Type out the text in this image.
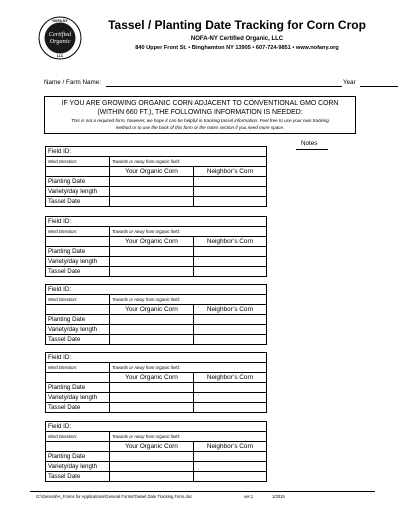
NOFA-NY
Certified
Organic
LLC
Tassel / Planting Date Tracking for Corn Crop
NOFA-NY Certified Organic, LLC
840 Upper Front St. • Binghamton NY 13905 • 607-724-9851 • www.nofany.org
Name / Farm Name:	Year
IF YOU ARE GROWING ORGANIC CORN ADJACENT TO CONVENTIONAL GMO CORN (WITHIN 660 FT.), THE FOLLOWING INFORMATION IS NEEDED:
This is not a required form, however, we hope it can be helpful in tracking tassel information. Feel free to use your own tracking method or to use the back of this form or the notes section if you need more space.
Notes
Field ID:		
Wind Direction:	Towards or Away from organic field:	
	Your Organic Corn	Neighbor’s Corn
Planting Date		
Variety/day length		
Tassel Date		
Field ID:		
Wind Direction:	Towards or Away from organic field:	
	Your Organic Corn	Neighbor’s Corn
Planting Date		
Variety/day length		
Tassel Date		
Field ID:		
Wind Direction:	Towards or Away from organic field:	
	Your Organic Corn	Neighbor’s Corn
Planting Date		
Variety/day length		
Tassel Date		
Field ID:		
Wind Direction:	Towards or Away from organic field:	
	Your Organic Corn	Neighbor’s Corn
Planting Date		
Variety/day length		
Tassel Date		
Field ID:		
Wind Direction:	Towards or Away from organic field:	
	Your Organic Corn	Neighbor’s Corn
Planting Date		
Variety/day length		
Tassel Date		
G:\General\A_Forms for Applications\General Forms\Tassel Date Tracking Form.doc	ver.1	1/2015
